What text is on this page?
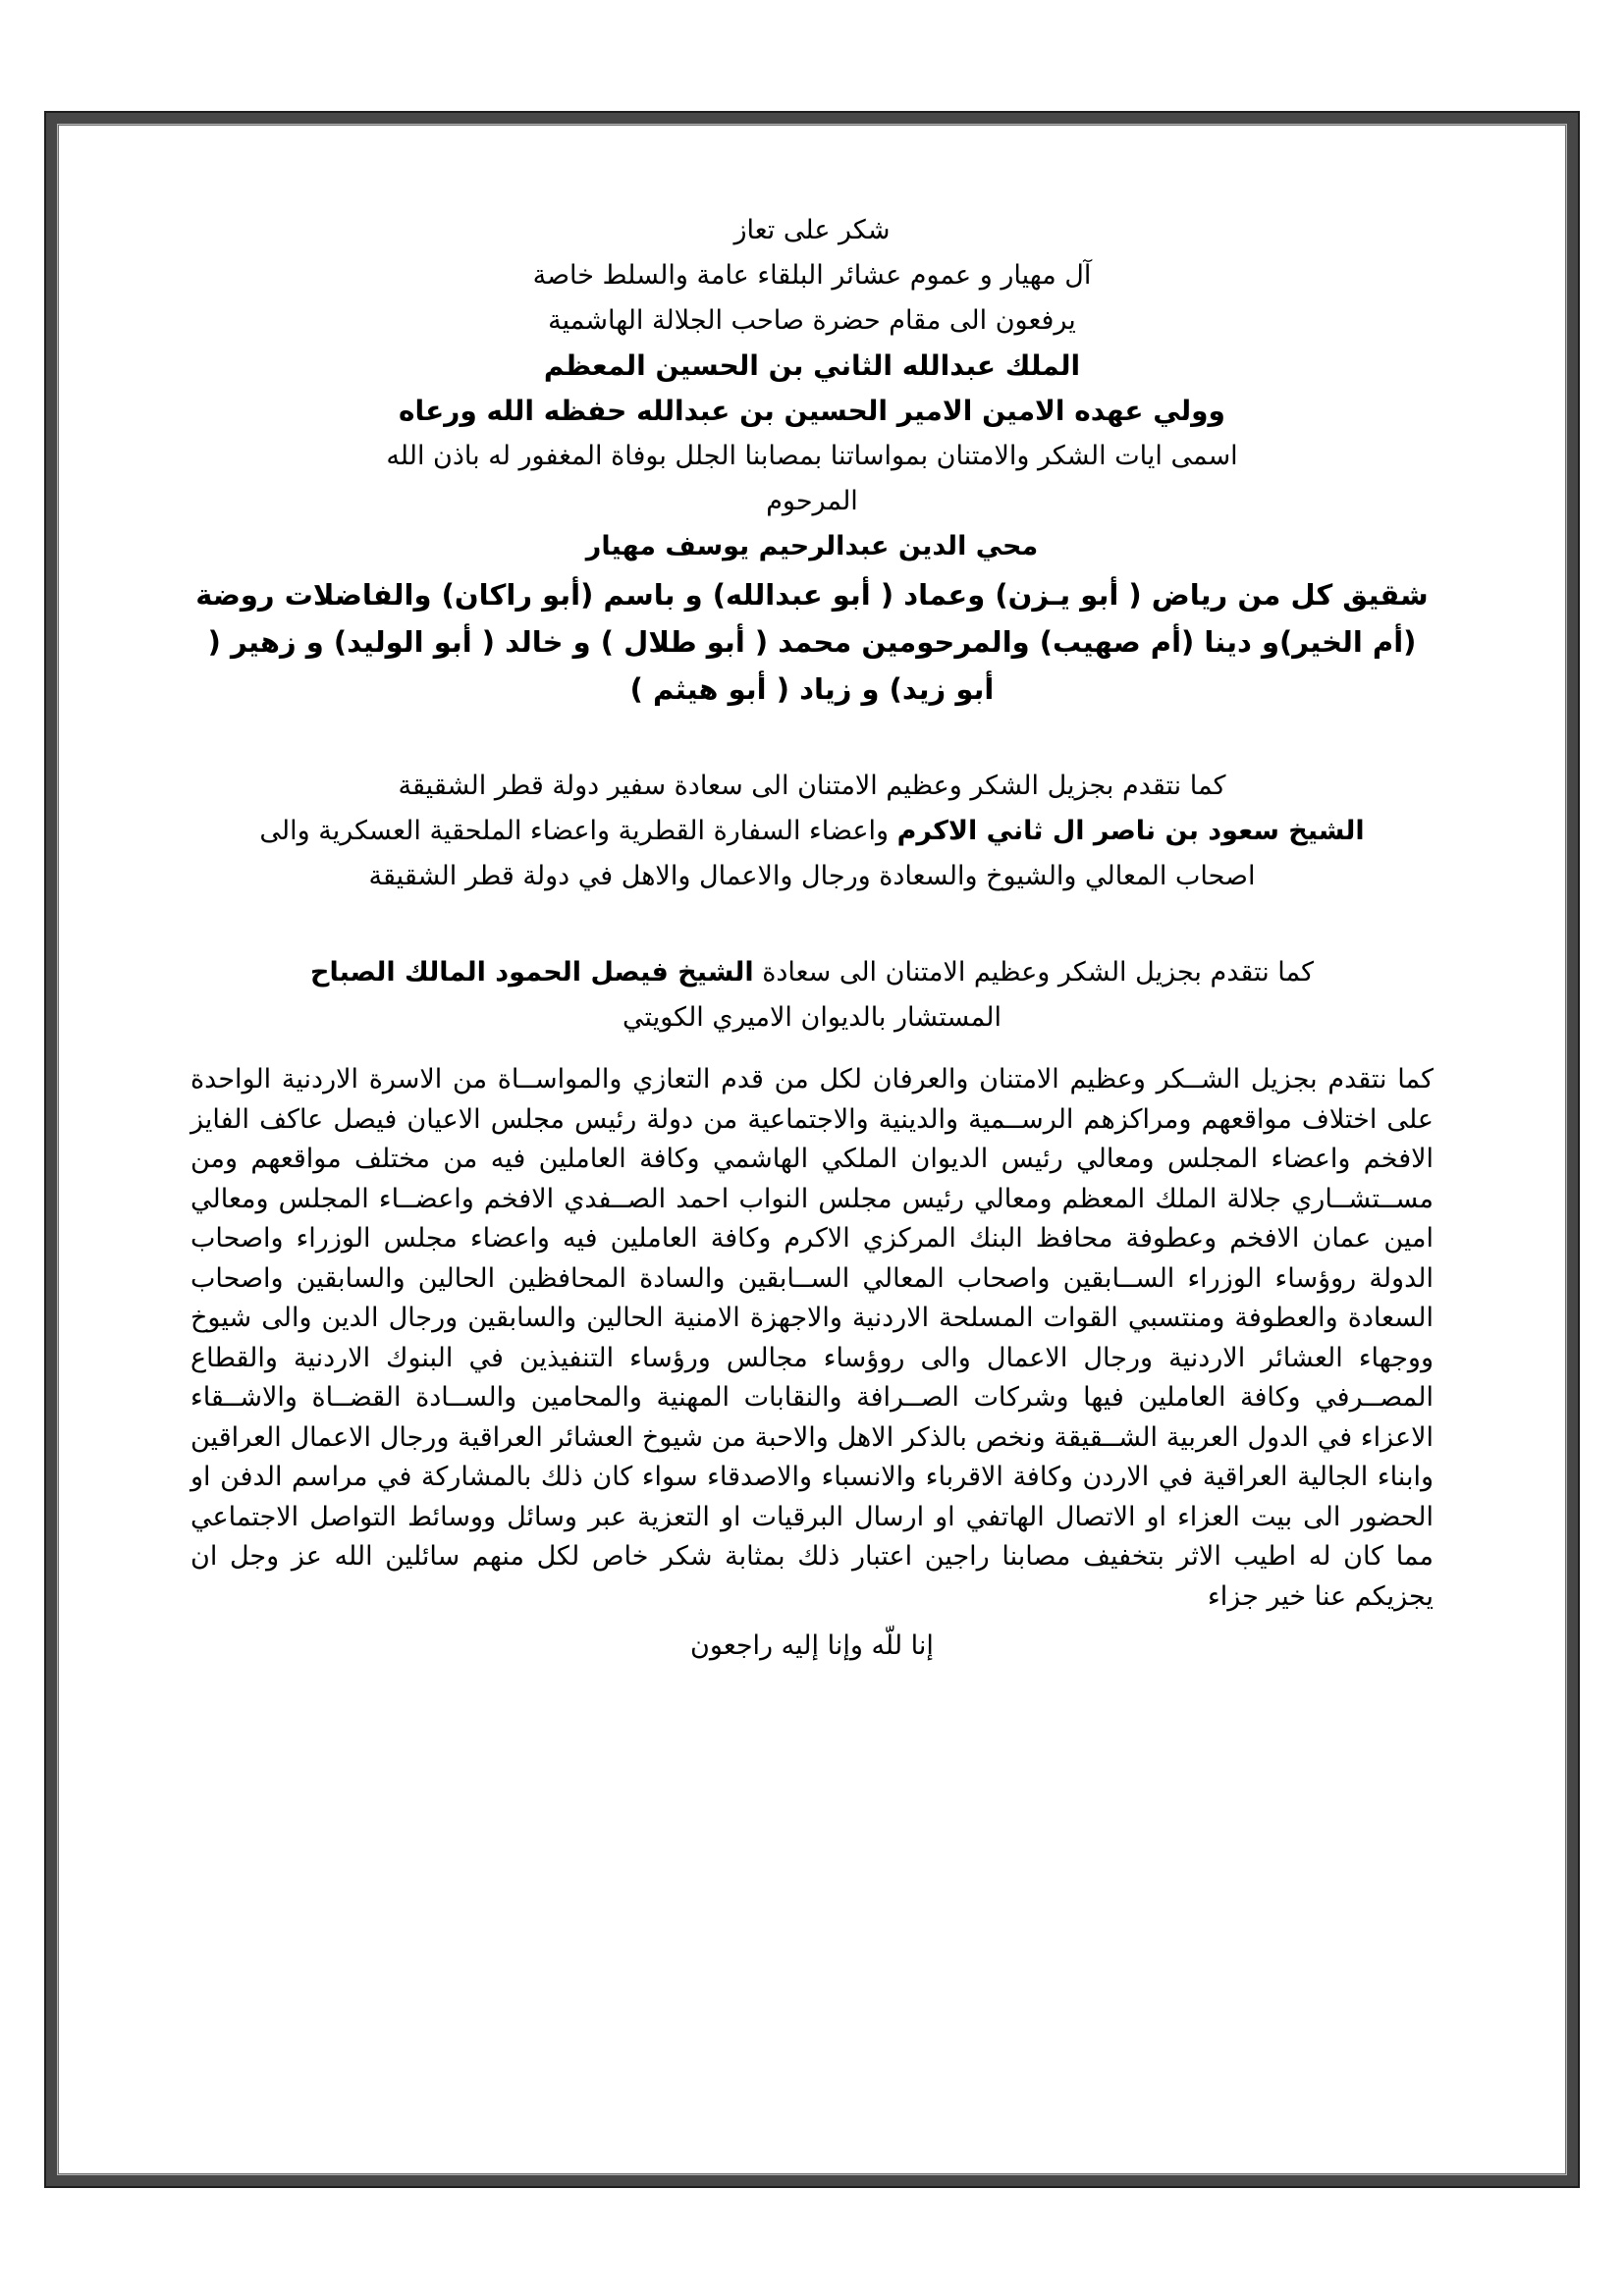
شكر على تعاز

آل مهيار و عموم عشائر البلقاء عامة والسلط خاصة

يرفعون الى مقام حضرة صاحب الجلالة الهاشمية

الملك عبدالله الثاني بن الحسين المعظم

وولي عهده الامين الامير الحسين بن عبدالله حفظه الله ورعاه

اسمى ايات الشكر والامتنان بمواساتنا بمصابنا الجلل بوفاة المغفور له باذن الله

المرحوم

محي الدين عبدالرحيم يوسف مهيار

شقيق كل من رياض ( أبو يـزن) وعماد ( أبو عبدالله) و باسم (أبو راكان) والفاضلات روضة (أم الخير)و دينا (أم صهيب) والمرحومين محمد ( أبو طلال ) و خالد ( أبو الوليد) و زهير ( أبو زيد) و زياد ( أبو هيثم )

كما نتقدم بجزيل الشكر وعظيم الامتنان الى سعادة سفير دولة قطر الشقيقة

الشيخ سعود بن ناصر ال ثاني الاكرم واعضاء السفارة القطرية واعضاء الملحقية العسكرية والى

اصحاب المعالي والشيوخ والسعادة ورجال والاعمال والاهل في دولة قطر الشقيقة

كما نتقدم بجزيل الشكر وعظيم الامتنان الى سعادة الشيخ فيصل الحمود المالك الصباح

المستشار بالديوان الاميري الكويتي

كما نتقدم بجزيل الشــكر وعظيم الامتنان والعرفان لكل من قدم التعازي والمواســاة من الاسرة الاردنية الواحدة على اختلاف مواقعهم ومراكزهم الرســمية والدينية والاجتماعية من دولة رئيس مجلس الاعيان فيصل عاكف الفايز الافخم واعضاء المجلس ومعالي رئيس الديوان الملكي الهاشمي وكافة العاملين فيه من مختلف مواقعهم ومن مســتشــاري جلالة الملك المعظم ومعالي رئيس مجلس النواب احمد الصــفدي الافخم واعضــاء المجلس ومعالي امين عمان الافخم وعطوفة محافظ البنك المركزي الاكرم وكافة العاملين فيه واعضاء مجلس الوزراء واصحاب الدولة روؤساء الوزراء الســابقين واصحاب المعالي الســابقين والسادة المحافظين الحالين والسابقين واصحاب السعادة والعطوفة ومنتسبي القوات المسلحة الاردنية والاجهزة الامنية الحالين والسابقين ورجال الدين والى شيوخ ووجهاء العشائر الاردنية ورجال الاعمال والى روؤساء مجالس ورؤساء التنفيذين في البنوك الاردنية والقطاع المصــرفي وكافة العاملين فيها وشركات الصــرافة والنقابات المهنية والمحامين والســادة القضــاة والاشــقاء الاعزاء في الدول العربية الشــقيقة ونخص بالذكر الاهل والاحبة من شيوخ العشائر العراقية ورجال الاعمال العراقين وابناء الجالية العراقية في الاردن وكافة الاقرباء والانسباء والاصدقاء سواء كان ذلك بالمشاركة في مراسم الدفن او الحضور الى بيت العزاء او الاتصال الهاتفي او ارسال البرقيات او التعزية عبر وسائل ووسائط التواصل الاجتماعي مما كان له اطيب الاثر بتخفيف مصابنا راجين اعتبار ذلك بمثابة شكر خاص لكل منهم سائلين الله عز وجل ان يجزيكم عنا خير جزاء

إنا للّه وإنا إليه راجعون
